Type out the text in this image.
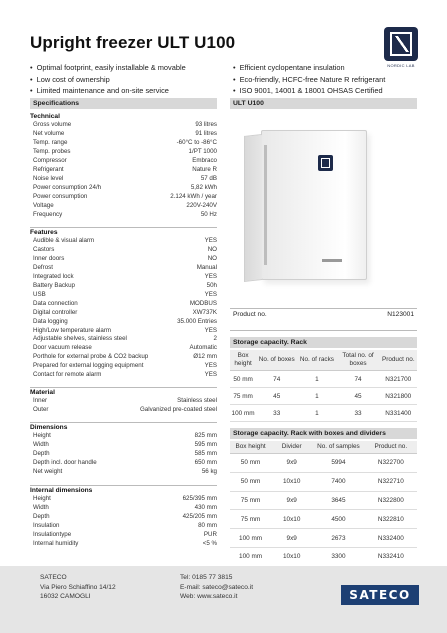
Upright freezer ULT U100
NORDIC LAB
• Optimal footprint, easily installable & movable
• Low cost of ownership
• Limited maintenance and on-site service
• Efficient cyclopentane insulation
• Eco-friendly, HCFC-free Nature R refrigerant
• ISO 9001, 14001 & 18001 OHSAS Certified
Specifications	ULT U100
Technical
Gross volume	93 litres
Net volume	91 litres
Temp. range	-60°C to -86°C
Temp. probes	1/PT 1000
Compressor	Embraco
Refrigerant	Nature R
Noise level	57 dB
Power consumption 24/h	5,82 kWh
Power consumption	2.124 kWh / year
Voltage	220V-240V
Frequency	50 Hz
Features
Audible & visual alarm	YES
Castors	NO
Inner doors	NO
Defrost	Manual
Integrated lock	YES
Battery Backup	50h
USB	YES
Data connection	MODBUS
Digital controller	XW737K
Data logging	35.000 Entries
High/Low temperature alarm	YES
Adjustable shelves, stainless steel	2
Door vacuum release	Automatic
Porthole for external probe & CO2 backup	Ø12 mm
Prepared for external logging equipment	YES
Contact for remote alarm	YES
Material
Inner	Stainless steel
Outer	Galvanized pre-coated steel
Dimensions
Height	825 mm
Width	595 mm
Depth	585 mm
Depth incl. door handle	650 mm
Net weight	56 kg
Internal dimensions
Height	625/395 mm
Width	430 mm
Depth	425/205 mm
Insulation	80 mm
Insulationtype	PUR
Internal humidity	<5 %
Product no.	N123001
Storage capacity. Rack
Box height	No. of boxes	No. of racks	Total no. of boxes	Product no.
50 mm	74	1	74	N321700
75 mm	45	1	45	N321800
100 mm	33	1	33	N331400
Storage capacity. Rack with boxes and dividers
Box height	Divider	No. of samples	Product no.
50 mm	9x9	5994	N322700
50 mm	10x10	7400	N322710
75 mm	9x9	3645	N322800
75 mm	10x10	4500	N322810
100 mm	9x9	2673	N332400
100 mm	10x10	3300	N332410
SATECO
Via Piero Schiaffino 14/12
16032 CAMOGLI
Tel: 0185 77 3815
E-mail: sateco@sateco.it
Web: www.sateco.it	SATECO
